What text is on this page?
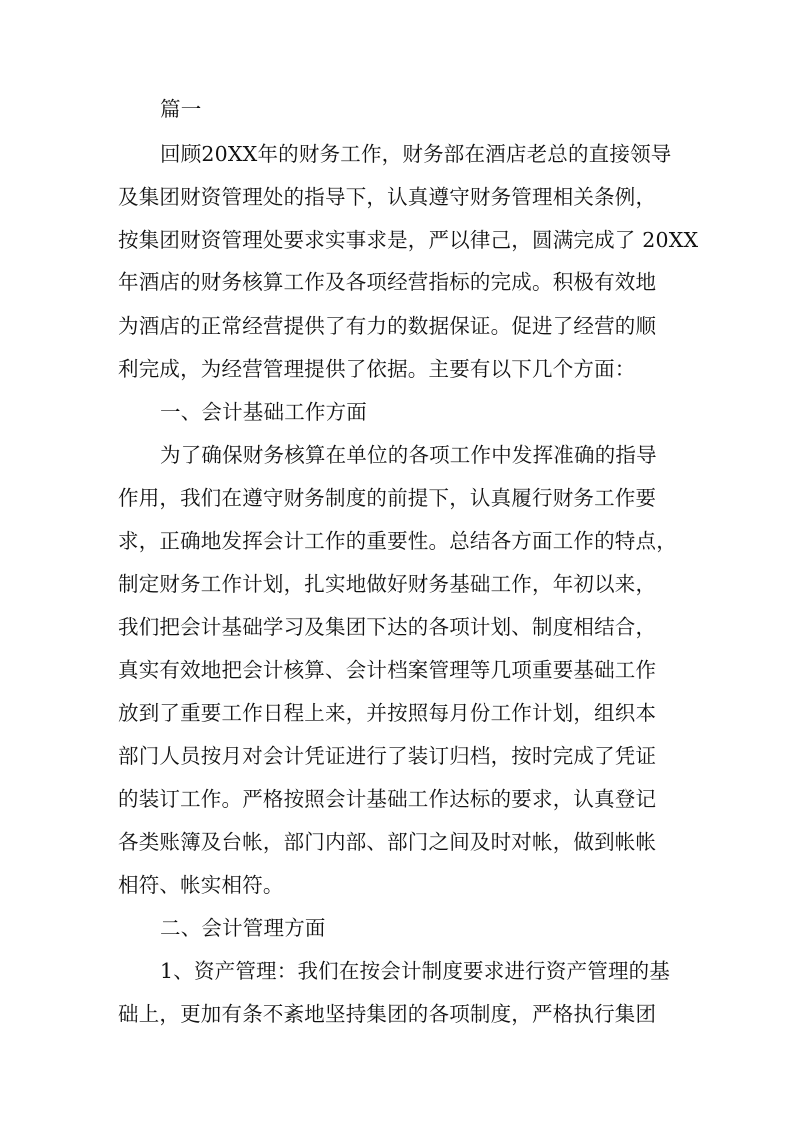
篇一
回顾20XX年的财务工作，财务部在酒店老总的直接领导
及集团财资管理处的指导下，认真遵守财务管理相关条例，
按集团财资管理处要求实事求是，严以律己，圆满完成了 20XX
年酒店的财务核算工作及各项经营指标的完成。积极有效地
为酒店的正常经营提供了有力的数据保证。促进了经营的顺
利完成，为经营管理提供了依据。主要有以下几个方面：
一、会计基础工作方面
为了确保财务核算在单位的各项工作中发挥准确的指导
作用，我们在遵守财务制度的前提下，认真履行财务工作要
求，正确地发挥会计工作的重要性。总结各方面工作的特点，
制定财务工作计划，扎实地做好财务基础工作，年初以来，
我们把会计基础学习及集团下达的各项计划、制度相结合，
真实有效地把会计核算、会计档案管理等几项重要基础工作
放到了重要工作日程上来，并按照每月份工作计划，组织本
部门人员按月对会计凭证进行了装订归档，按时完成了凭证
的装订工作。严格按照会计基础工作达标的要求，认真登记
各类账簿及台帐，部门内部、部门之间及时对帐，做到帐帐
相符、帐实相符。
二、会计管理方面
1、资产管理：我们在按会计制度要求进行资产管理的基
础上，更加有条不紊地坚持集团的各项制度，严格执行集团
